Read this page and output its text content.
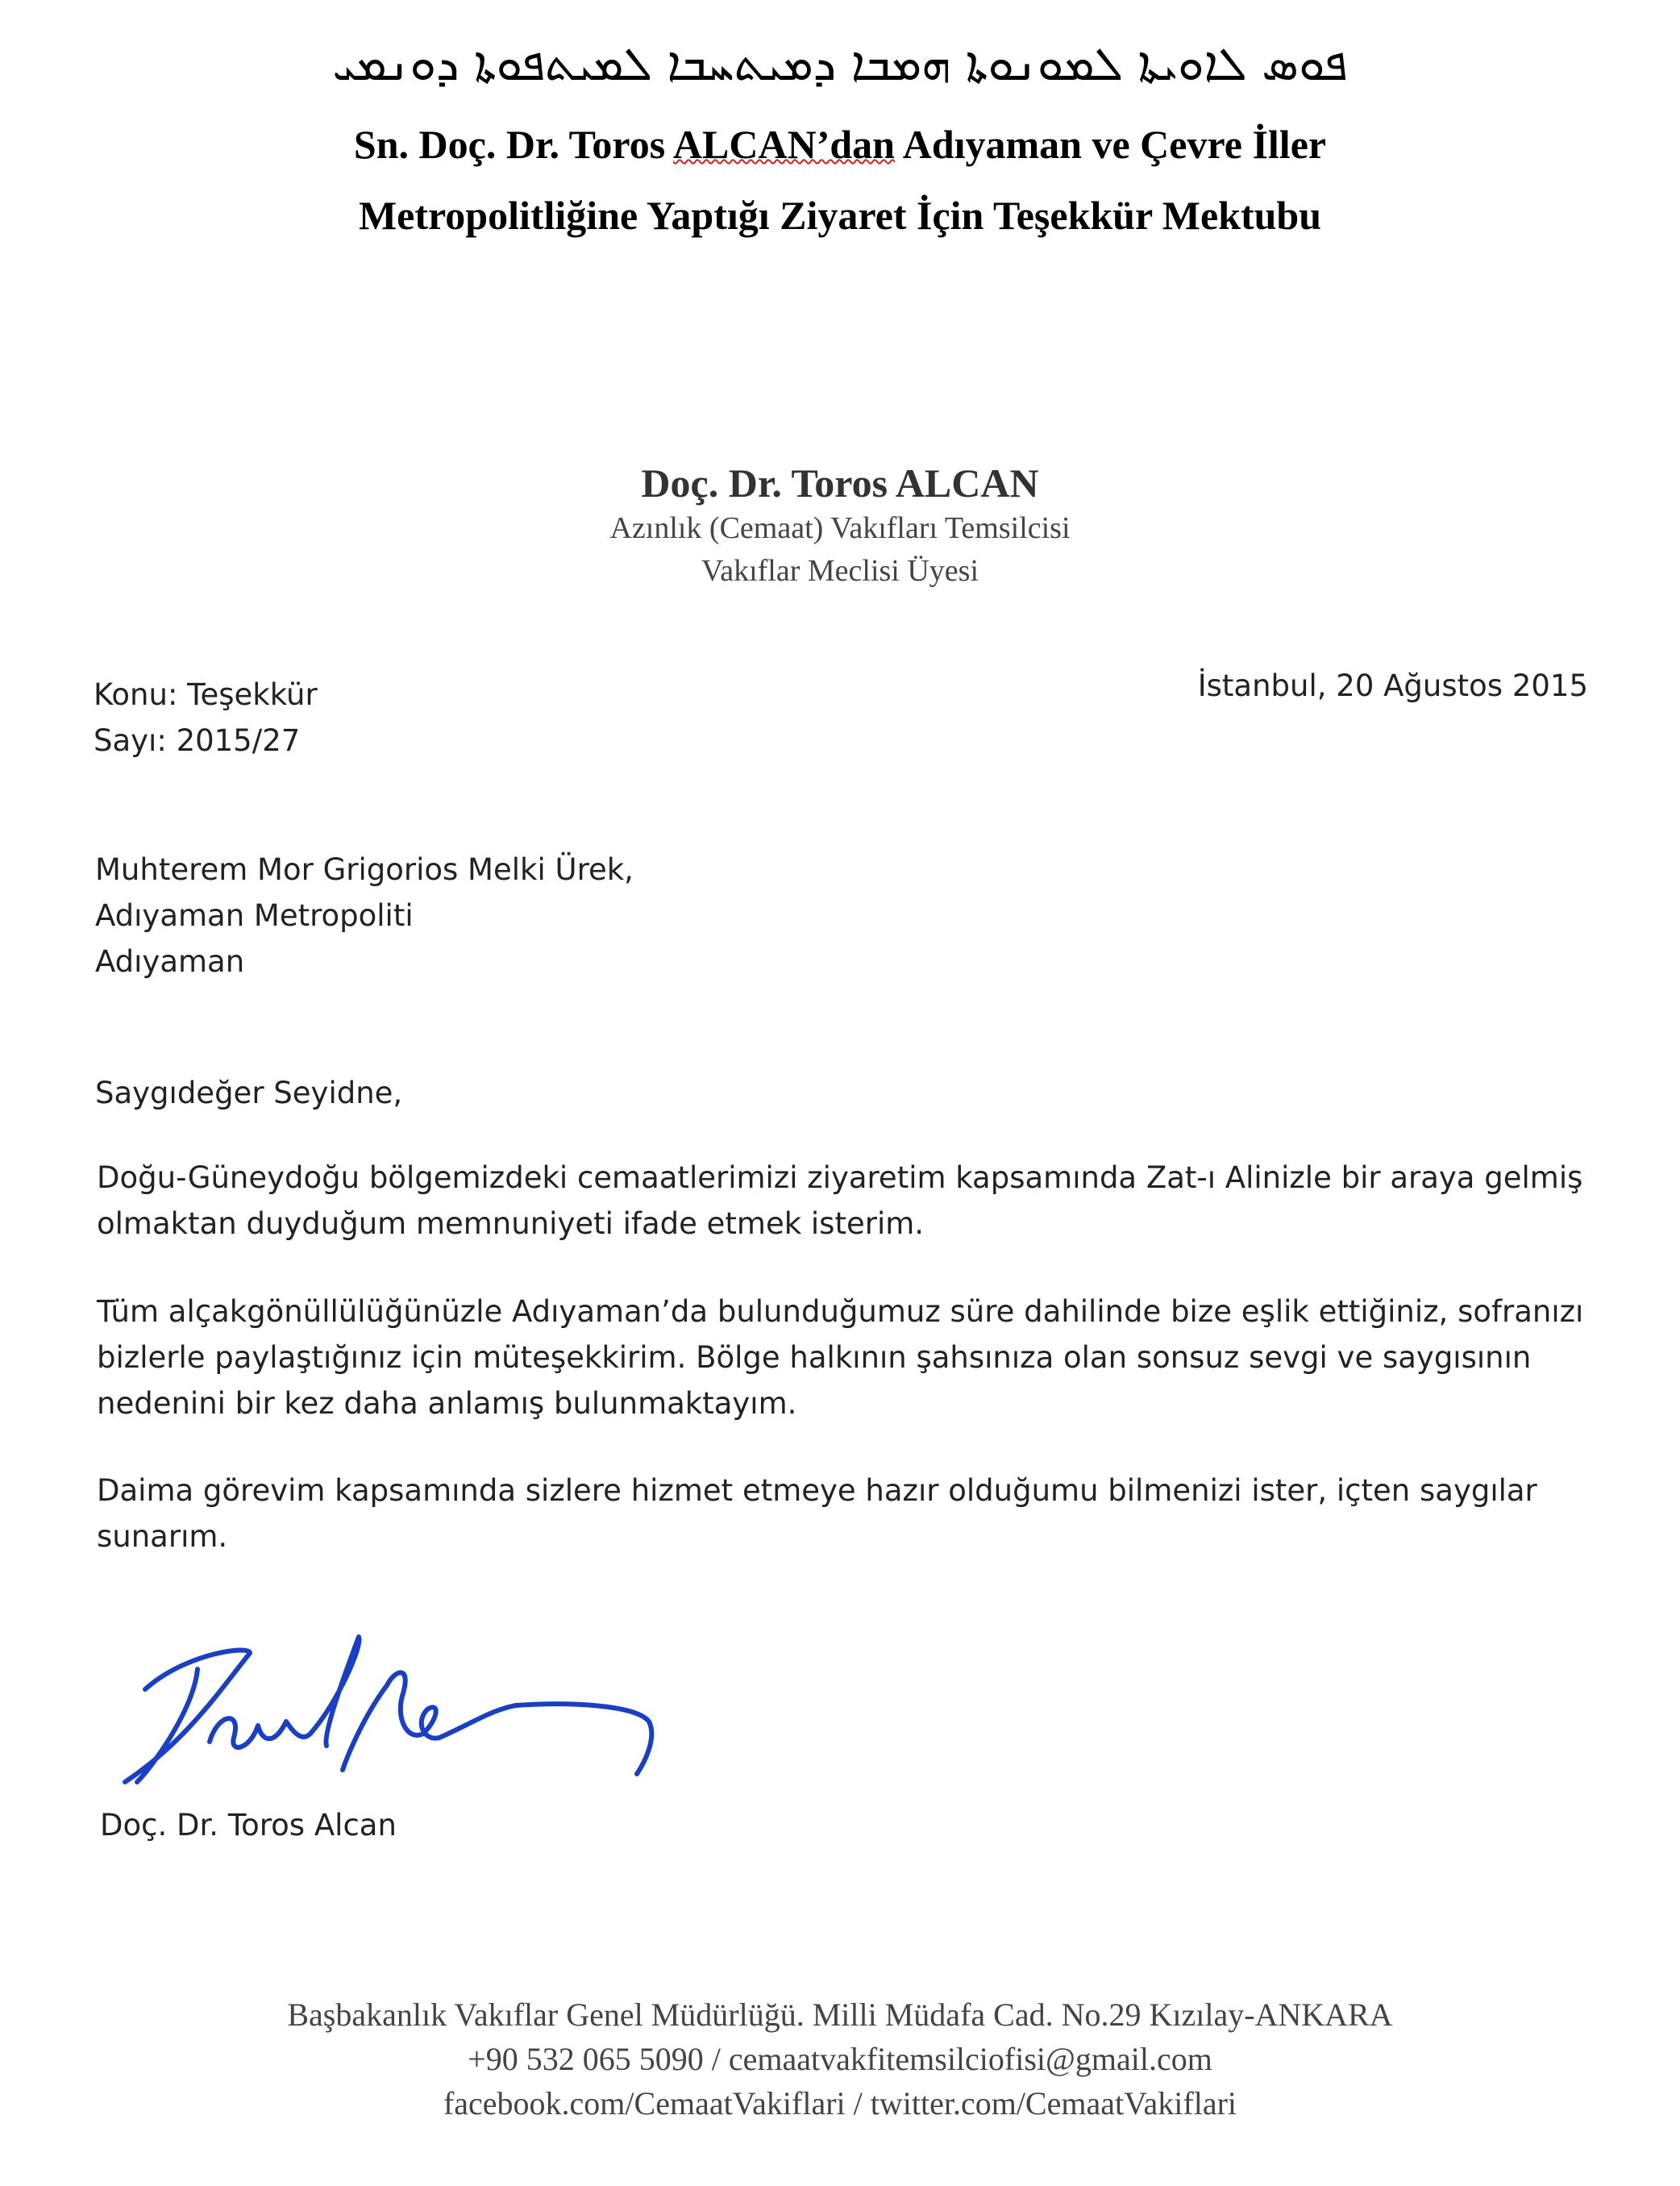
ܦܘܣ ܠܐܘܝܬܐ ܠܡܘܢܘܬܐ ܗܡܒܐ ܕܡܝܬܚܒܐ ܠܡܝܬܦܘܬܐ ܕܘܢܡܝ
Sn. Doç. Dr. Toros ALCAN’dan Adıyaman ve Çevre İller
Metropolitliğine Yaptığı Ziyaret İçin Teşekkür Mektubu
Doç. Dr. Toros ALCAN
Azınlık (Cemaat) Vakıfları Temsilcisi
Vakıflar Meclisi Üyesi
Konu: Teşekkür
Sayı: 2015/27
İstanbul, 20 Ağustos 2015
Muhterem Mor Grigorios Melki Ürek,
Adıyaman Metropoliti
Adıyaman
Saygıdeğer Seyidne,
Doğu-Güneydoğu bölgemizdeki cemaatlerimizi ziyaretim kapsamında Zat-ı Alinizle bir araya gelmiş olmaktan duyduğum memnuniyeti ifade etmek isterim.
Tüm alçakgönüllülüğünüzle Adıyaman’da bulunduğumuz süre dahilinde bize eşlik ettiğiniz, sofranızı bizlerle paylaştığınız için müteşekkirim. Bölge halkının şahsınıza olan sonsuz sevgi ve saygısının nedenini bir kez daha anlamış bulunmaktayım.
Daima görevim kapsamında sizlere hizmet etmeye hazır olduğumu bilmenizi ister, içten saygılar sunarım.
Doç. Dr. Toros Alcan
Başbakanlık Vakıflar Genel Müdürlüğü. Milli Müdafa Cad. No.29 Kızılay-ANKARA
+90 532 065 5090 / cemaatvakfitemsilciofisi@gmail.com
facebook.com/CemaatVakiflari / twitter.com/CemaatVakiflari
